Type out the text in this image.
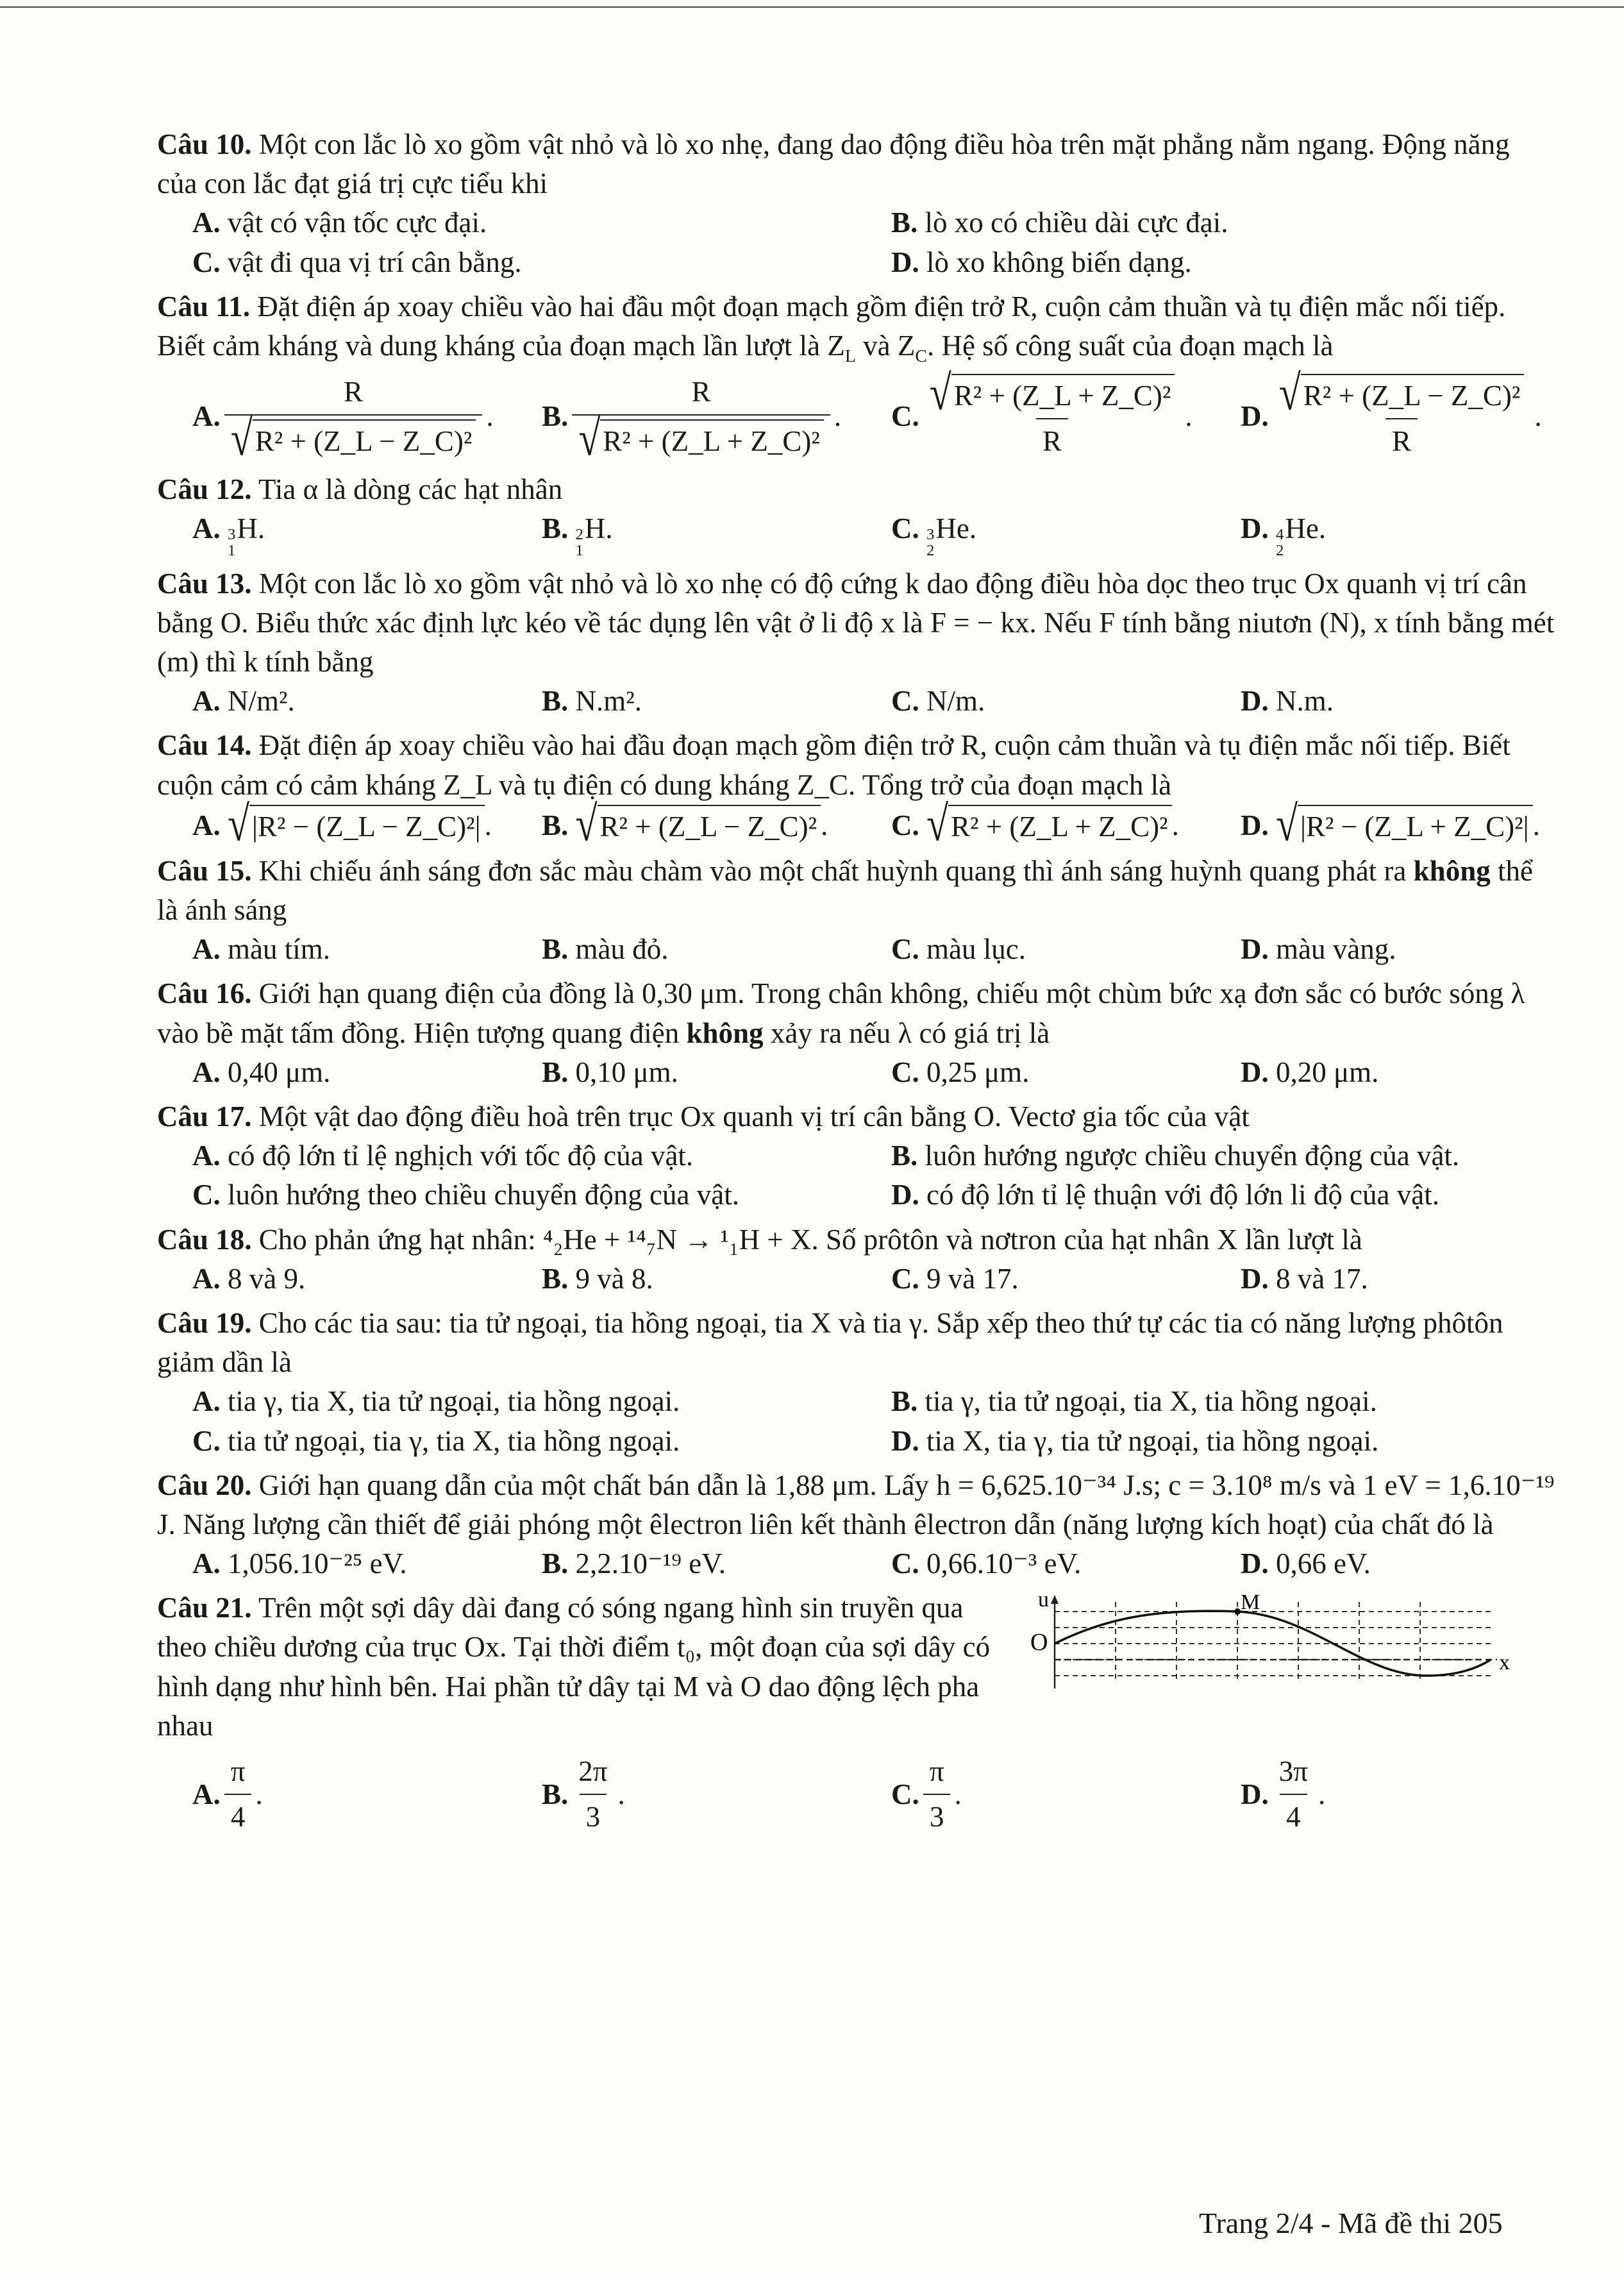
Câu 10. Một con lắc lò xo gồm vật nhỏ và lò xo nhẹ, đang dao động điều hòa trên mặt phẳng nằm ngang. Động năng của con lắc đạt giá trị cực tiểu khi
A. vật có vận tốc cực đại.	B. lò xo có chiều dài cực đại.
C. vật đi qua vị trí cân bằng.	D. lò xo không biến dạng.
Câu 11. Đặt điện áp xoay chiều vào hai đầu một đoạn mạch gồm điện trở R, cuộn cảm thuần và tụ điện mắc nối tiếp. Biết cảm kháng và dung kháng của đoạn mạch lần lượt là $Z_L$ và $Z_C$. Hệ số công suất của đoạn mạch là
A. $\frac{R}{\text{√ R² + (Z\_L − Z\_C)²}}$ .	B. $\frac{R}{\text{√ R² + (Z\_L + Z\_C)²}}$ .	C. $\frac{\text{√ R² + (Z\_L + Z\_C)²}}{R}$ .	D. $\frac{\text{√ R² + (Z\_L − Z\_C)²}}{R}$ .
Câu 12. Tia α là dòng các hạt nhân
A. 3
1
H.	B. 2
1
H.	C. 3
2
He.	D. 4
2
He.
Câu 13. Một con lắc lò xo gồm vật nhỏ và lò xo nhẹ có độ cứng k dao động điều hòa dọc theo trục Ox quanh vị trí cân bằng O. Biểu thức xác định lực kéo về tác dụng lên vật ở li độ x là F = − kx. Nếu F tính bằng niutơn (N), x tính bằng mét (m) thì k tính bằng
A. N/m².	B. N.m².	C. N/m.	D. N.m.
Câu 14. Đặt điện áp xoay chiều vào hai đầu đoạn mạch gồm điện trở R, cuộn cảm thuần và tụ điện mắc nối tiếp. Biết cuộn cảm có cảm kháng Z_L và tụ điện có dung kháng Z_C. Tổng trở của đoạn mạch là
A.
√ |R² − (Z_L − Z_C)²| .	B.
√ R² + (Z_L − Z_C)² .	C.
√ R² + (Z_L + Z_C)² .	D.
√ |R² − (Z_L + Z_C)²| .
Câu 15. Khi chiếu ánh sáng đơn sắc màu chàm vào một chất huỳnh quang thì ánh sáng huỳnh quang phát ra không thể là ánh sáng
A. màu tím.	B. màu đỏ.	C. màu lục.	D. màu vàng.
Câu 16. Giới hạn quang điện của đồng là 0,30 μm. Trong chân không, chiếu một chùm bức xạ đơn sắc có bước sóng λ vào bề mặt tấm đồng. Hiện tượng quang điện không xảy ra nếu λ có giá trị là
A. 0,40 μm.	B. 0,10 μm.	C. 0,25 μm.	D. 0,20 μm.
Câu 17. Một vật dao động điều hoà trên trục Ox quanh vị trí cân bằng O. Vectơ gia tốc của vật
A. có độ lớn tỉ lệ nghịch với tốc độ của vật.	B. luôn hướng ngược chiều chuyển động của vật.
C. luôn hướng theo chiều chuyển động của vật.	D. có độ lớn tỉ lệ thuận với độ lớn li độ của vật.
Câu 18. Cho phản ứng hạt nhân: ⁴₂He + ¹⁴₇N → ¹₁H + X. Số prôtôn và nơtron của hạt nhân X lần lượt là
A. 8 và 9.	B. 9 và 8.	C. 9 và 17.	D. 8 và 17.
Câu 19. Cho các tia sau: tia tử ngoại, tia hồng ngoại, tia X và tia γ. Sắp xếp theo thứ tự các tia có năng lượng phôtôn giảm dần là
A. tia γ, tia X, tia tử ngoại, tia hồng ngoại.	B. tia γ, tia tử ngoại, tia X, tia hồng ngoại.
C. tia tử ngoại, tia γ, tia X, tia hồng ngoại.	D. tia X, tia γ, tia tử ngoại, tia hồng ngoại.
Câu 20. Giới hạn quang dẫn của một chất bán dẫn là 1,88 μm. Lấy h = 6,625.10⁻³⁴ J.s; c = 3.10⁸ m/s và 1 eV = 1,6.10⁻¹⁹ J. Năng lượng cần thiết để giải phóng một êlectron liên kết thành êlectron dẫn (năng lượng kích hoạt) của chất đó là
A. 1,056.10⁻²⁵ eV.	B. 2,2.10⁻¹⁹ eV.	C. 0,66.10⁻³ eV.	D. 0,66 eV.
Câu 21. Trên một sợi dây dài đang có sóng ngang hình sin truyền qua theo chiều dương của trục Ox. Tại thời điểm t₀, một đoạn của sợi dây có hình dạng như hình bên. Hai phần tử dây tại M và O dao động lệch pha nhau
u
O
M
x
A. $\frac{\pi}{4}$ .	B. $\frac{2\pi}{3}$ .	C. $\frac{\pi}{3}$ .	D. $\frac{3\pi}{4}$ .
Trang 2/4 - Mã đề thi 205
